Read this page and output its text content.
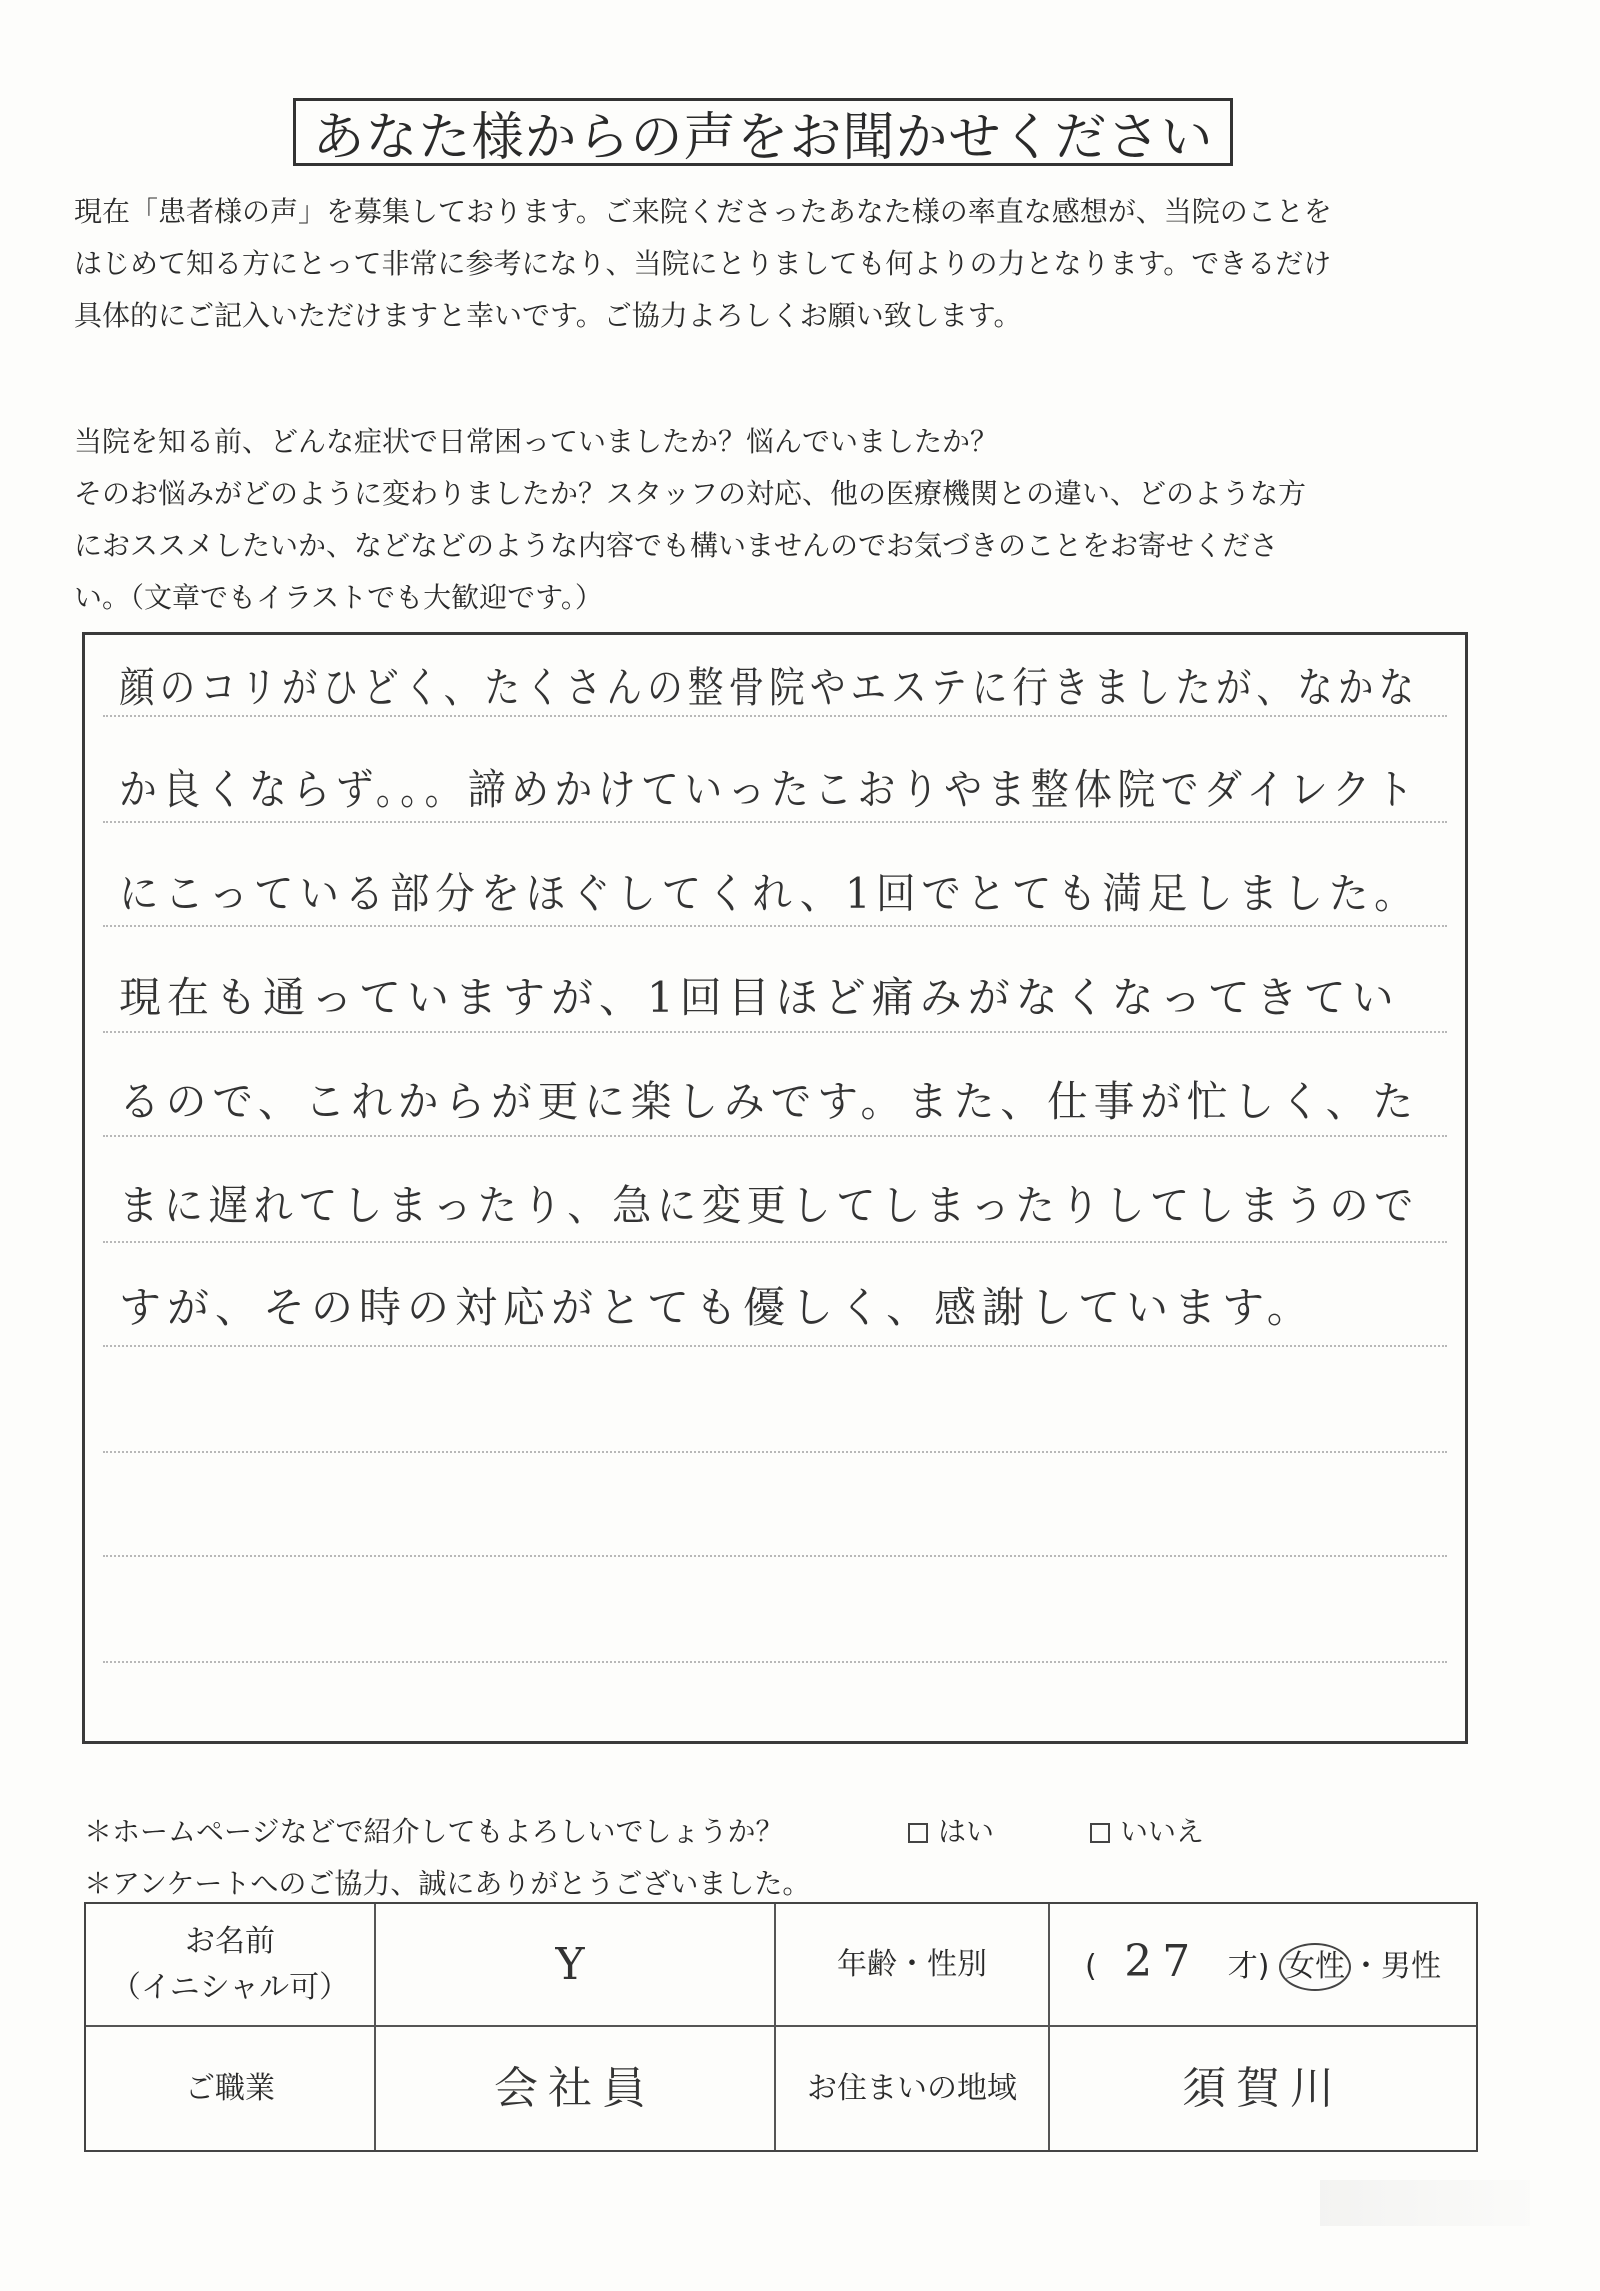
あなた様からの声をお聞かせください

現在「患者様の声」を募集しております。ご来院くださったあなた様の率直な感想が、当院のことを

はじめて知る方にとって非常に参考になり、当院にとりましても何よりの力となります。できるだけ

具体的にご記入いただけますと幸いです。ご協力よろしくお願い致します。

当院を知る前、どんな症状で日常困っていましたか？悩んでいましたか？

そのお悩みがどのように変わりましたか？スタッフの対応、他の医療機関との違い、どのような方

におススメしたいか、などなどのような内容でも構いませんのでお気づきのことをお寄せくださ

い。（文章でもイラストでも大歓迎です。）

顔のコリがひどく、たくさんの整骨院やエステに行きましたが、なかな
か良くならず。。。諦めかけていったこおりやま整体院でダイレクト
にこっている部分をほぐしてくれ、1回でとても満足しました。
現在も通っていますが、1回目ほど痛みがなくなってきてい
るので、これからが更に楽しみです。また、仕事が忙しく、た
まに遅れてしまったり、急に変更してしまったりしてしまうので
すが、その時の対応がとても優しく、感謝しています。
＊ホームページなどで紹介してもよろしいでしょうか？	はい	いいえ
＊アンケートへのご協力、誠にありがとうございました。
お名前
（イニシャル可）	Y	年齢・性別	( 27 才) 女性 ・男性
ご職業	会社員	お住まいの地域	須賀川
